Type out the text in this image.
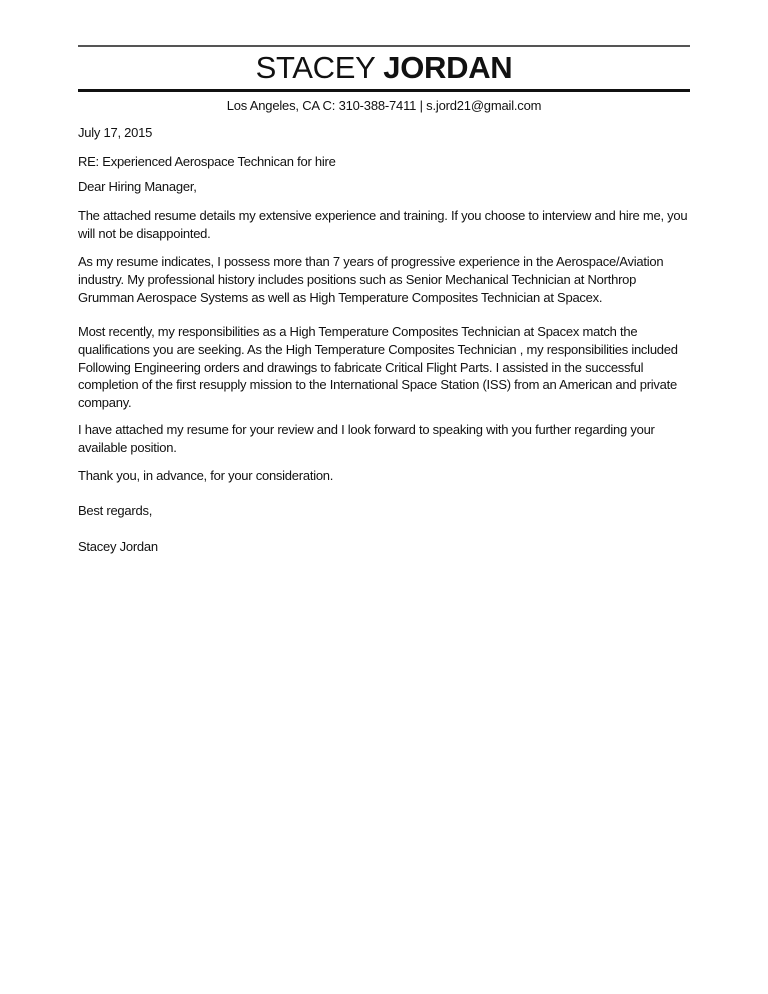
STACEY JORDAN
Los Angeles, CA C: 310-388-7411 | s.jord21@gmail.com
July 17, 2015
RE: Experienced Aerospace Technican for hire
Dear Hiring Manager,
The attached resume details my extensive experience and training. If you choose to interview and hire me, you
will not be disappointed.
As my resume indicates, I possess more than 7 years of progressive experience in the Aerospace/Aviation
industry. My professional history includes positions such as Senior Mechanical Technician at Northrop
Grumman Aerospace Systems as well as High Temperature Composites Technician at Spacex.
Most recently, my responsibilities as a High Temperature Composites Technician at Spacex match the
qualifications you are seeking. As the High Temperature Composites Technician , my responsibilities included
Following Engineering orders and drawings to fabricate Critical Flight Parts. I assisted in the successful
completion of the first resupply mission to the International Space Station (ISS) from an American and private
company.
I have attached my resume for your review and I look forward to speaking with you further regarding your
available position.
Thank you, in advance, for your consideration.
Best regards,
Stacey Jordan
